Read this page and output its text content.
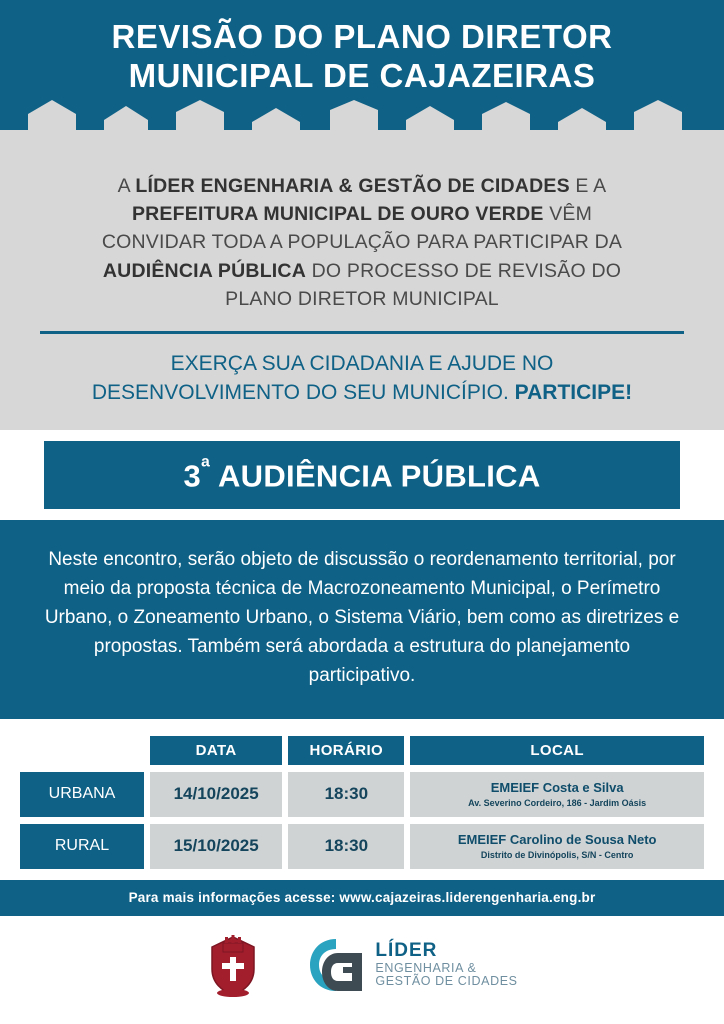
REVISÃO DO PLANO DIRETOR
MUNICIPAL DE CAJAZEIRAS
A LÍDER ENGENHARIA & GESTÃO DE CIDADES E A
PREFEITURA MUNICIPAL DE OURO VERDE VÊM
CONVIDAR TODA A POPULAÇÃO PARA PARTICIPAR DA
AUDIÊNCIA PÚBLICA DO PROCESSO DE REVISÃO DO
PLANO DIRETOR MUNICIPAL
EXERÇA SUA CIDADANIA E AJUDE NO
DESENVOLVIMENTO DO SEU MUNICÍPIO. PARTICIPE!
$3^ª$ AUDIÊNCIA PÚBLICA
Neste encontro, serão objeto de discussão o reordenamento territorial, por meio da proposta técnica de Macrozoneamento Municipal, o Perímetro Urbano, o Zoneamento Urbano, o Sistema Viário, bem como as diretrizes e propostas. Também será abordada a estrutura do planejamento participativo.
	DATA	HORÁRIO	LOCAL
URBANA	14/10/2025	18:30	EMEIEF Costa e Silva
Av. Severino Cordeiro, 186 - Jardim Oásis

RURAL	15/10/2025	18:30	EMEIEF Carolino de Sousa Neto
Distrito de Divinópolis, S/N - Centro
Para mais informações acesse: www.cajazeiras.liderengenharia.eng.br
LÍDER
ENGENHARIA &
GESTÃO DE CIDADES
